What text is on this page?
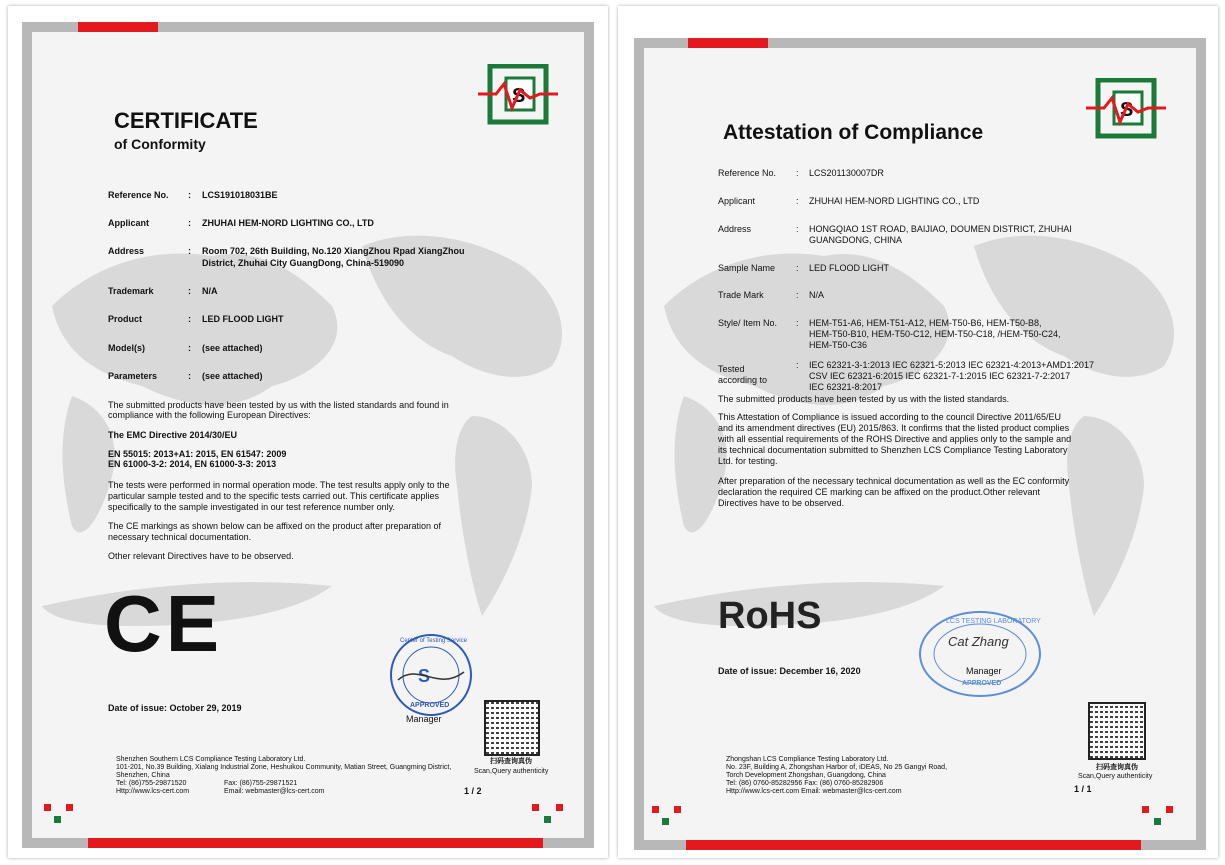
S
CERTIFICATE
of Conformity
Reference No. : LCS191018031BE
Applicant	: ZHUHAI HEM-NORD LIGHTING CO., LTD
Address	: Room 702, 26th Building, No.120 XiangZhou Rpad XiangZhou
District, Zhuhai City GuangDong, China-519090
Trademark	: N/A
Product	: LED FLOOD LIGHT
Model(s)	: (see attached)
Parameters	: (see attached)
The submitted products have been tested by us with the listed standards and found in
compliance with the following European Directives:
The EMC Directive 2014/30/EU
EN 55015: 2013+A1: 2015, EN 61547: 2009
EN 61000-3-2: 2014, EN 61000-3-3: 2013
The tests were performed in normal operation mode. The test results apply only to the
particular sample tested and to the specific tests carried out. This certificate applies
specifically to the sample investigated in our test reference number only.
The CE markings as shown below can be affixed on the product after preparation of
necessary technical documentation.
Other relevant Directives have to be observed.
CE
S
Center of Testing Service
APPROVED
Date of issue: October 29, 2019
Manager
扫码查询真伪
Scan,Query authenticity
Shenzhen Southern LCS Compliance Testing Laboratory Ltd.
101-201, No.39 Building, Xialang Industrial Zone, Heshuikou Community, Matian Street, Guangming District,
Shenzhen, China
Tel: (86)755-29871520	Fax: (86)755-29871521
Http://www.lcs-cert.com	Email: webmaster@lcs-cert.com	1 / 2
S
Attestation of Compliance
Reference No. : LCS201130007DR
Applicant	: ZHUHAI HEM-NORD LIGHTING CO., LTD
Address	: HONGQIAO 1ST ROAD, BAIJIAO, DOUMEN DISTRICT, ZHUHAI
GUANGDONG, CHINA
Sample Name : LED FLOOD LIGHT
Trade Mark	: N/A
Style/ Item No. : HEM-T51-A6, HEM-T51-A12, HEM-T50-B6, HEM-T50-B8,
HEM-T50-B10, HEM-T50-C12, HEM-T50-C18, /HEM-T50-C24,
HEM-T50-C36
Tested
according to
: IEC 62321-3-1:2013 IEC 62321-5:2013 IEC 62321-4:2013+AMD1:2017
CSV IEC 62321-6:2015 IEC 62321-7-1:2015 IEC 62321-7-2:2017
IEC 62321-8:2017
The submitted products have been tested by us with the listed standards.
This Attestation of Compliance is issued according to the council Directive 2011/65/EU
and its amendment directives (EU) 2015/863. It confirms that the listed product complies
with all essential requirements of the ROHS Directive and applies only to the sample and
its technical documentation submitted to Shenzhen LCS Compliance Testing Laboratory
Ltd. for testing.
After preparation of the necessary technical documentation as well as the EC conformity
declaration the required CE marking can be affixed on the product.Other relevant
Directives have to be observed.
RoHS
Date of issue: December 16, 2020
LCS TESTING LABORATORY
Cat Zhang
APPROVED
Manager
扫码查询真伪
Scan,Query authenticity
Zhongshan LCS Compliance Testing Laboratory Ltd.
No. 23F, Building A, Zhongshan Harbor of, iDEAS, No 25 Gangyi Road,
Torch Development Zhongshan, Guangdong, China
Tel: (86) 0760-85282956 Fax: (86) 0760-85282906
Http://www.lcs-cert.com Email: webmaster@lcs-cert.com	1 / 1
